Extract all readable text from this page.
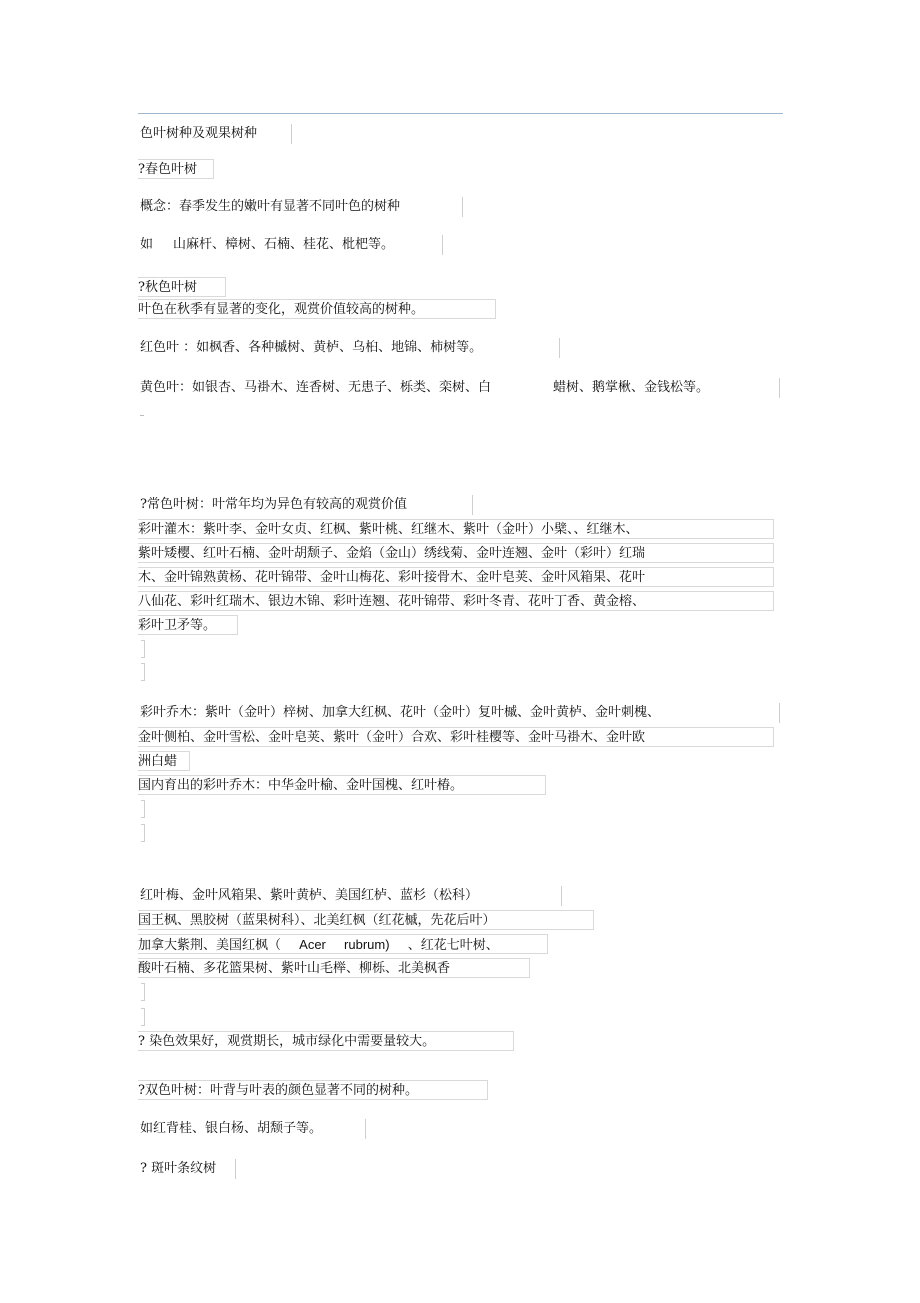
色叶树种及观果树种
?春色叶树
概念：春季发生的嫩叶有显著不同叶色的树种
如 山麻杆、樟树、石楠、桂花、枇杷等。
?秋色叶树
叶色在秋季有显著的变化，观赏价值较高的树种。
红色叶 ：如枫香、各种槭树、黄栌、乌桕、地锦、柿树等。
黄色叶：如银杏、马褂木、连香树、无患子、栎类、栾树、白	蜡树、鹅掌楸、金钱松等。
?常色叶树：叶常年均为异色有较高的观赏价值
彩叶灌木：紫叶李、金叶女贞、红枫、紫叶桃、红继木、紫叶（金叶）小檗、、红继木、
紫叶矮樱、红叶石楠、金叶胡颓子、金焰（金山）绣线菊、金叶连翘、金叶（彩叶）红瑞
木、金叶锦熟黄杨、花叶锦带、金叶山梅花、彩叶接骨木、金叶皂荚、金叶风箱果、花叶
八仙花、彩叶红瑞木、银边木锦、彩叶连翘、花叶锦带、彩叶冬青、花叶丁香、黄金榕、
彩叶卫矛等。
彩叶乔木：紫叶（金叶）梓树、加拿大红枫、花叶（金叶）复叶槭、金叶黄栌、金叶刺槐、
金叶侧柏、金叶雪松、金叶皂荚、紫叶（金叶）合欢、彩叶桂樱等、金叶马褂木、金叶欧
洲白蜡
国内育出的彩叶乔木：中华金叶榆、金叶国槐、红叶椿。
红叶梅、金叶风箱果、紫叶黄栌、美国红栌、蓝杉（松科）
国王枫、黑胶树（蓝果树科）、北美红枫（红花槭，先花后叶）
加拿大紫荆、美国红枫（ Acer rubrum) 、红花七叶树、
酸叶石楠、多花篮果树、紫叶山毛榉、柳栎、北美枫香
? 染色效果好，观赏期长，城市绿化中需要量较大。
?双色叶树：叶背与叶表的颜色显著不同的树种。
如红背桂、银白杨、胡颓子等。
? 斑叶条纹树
